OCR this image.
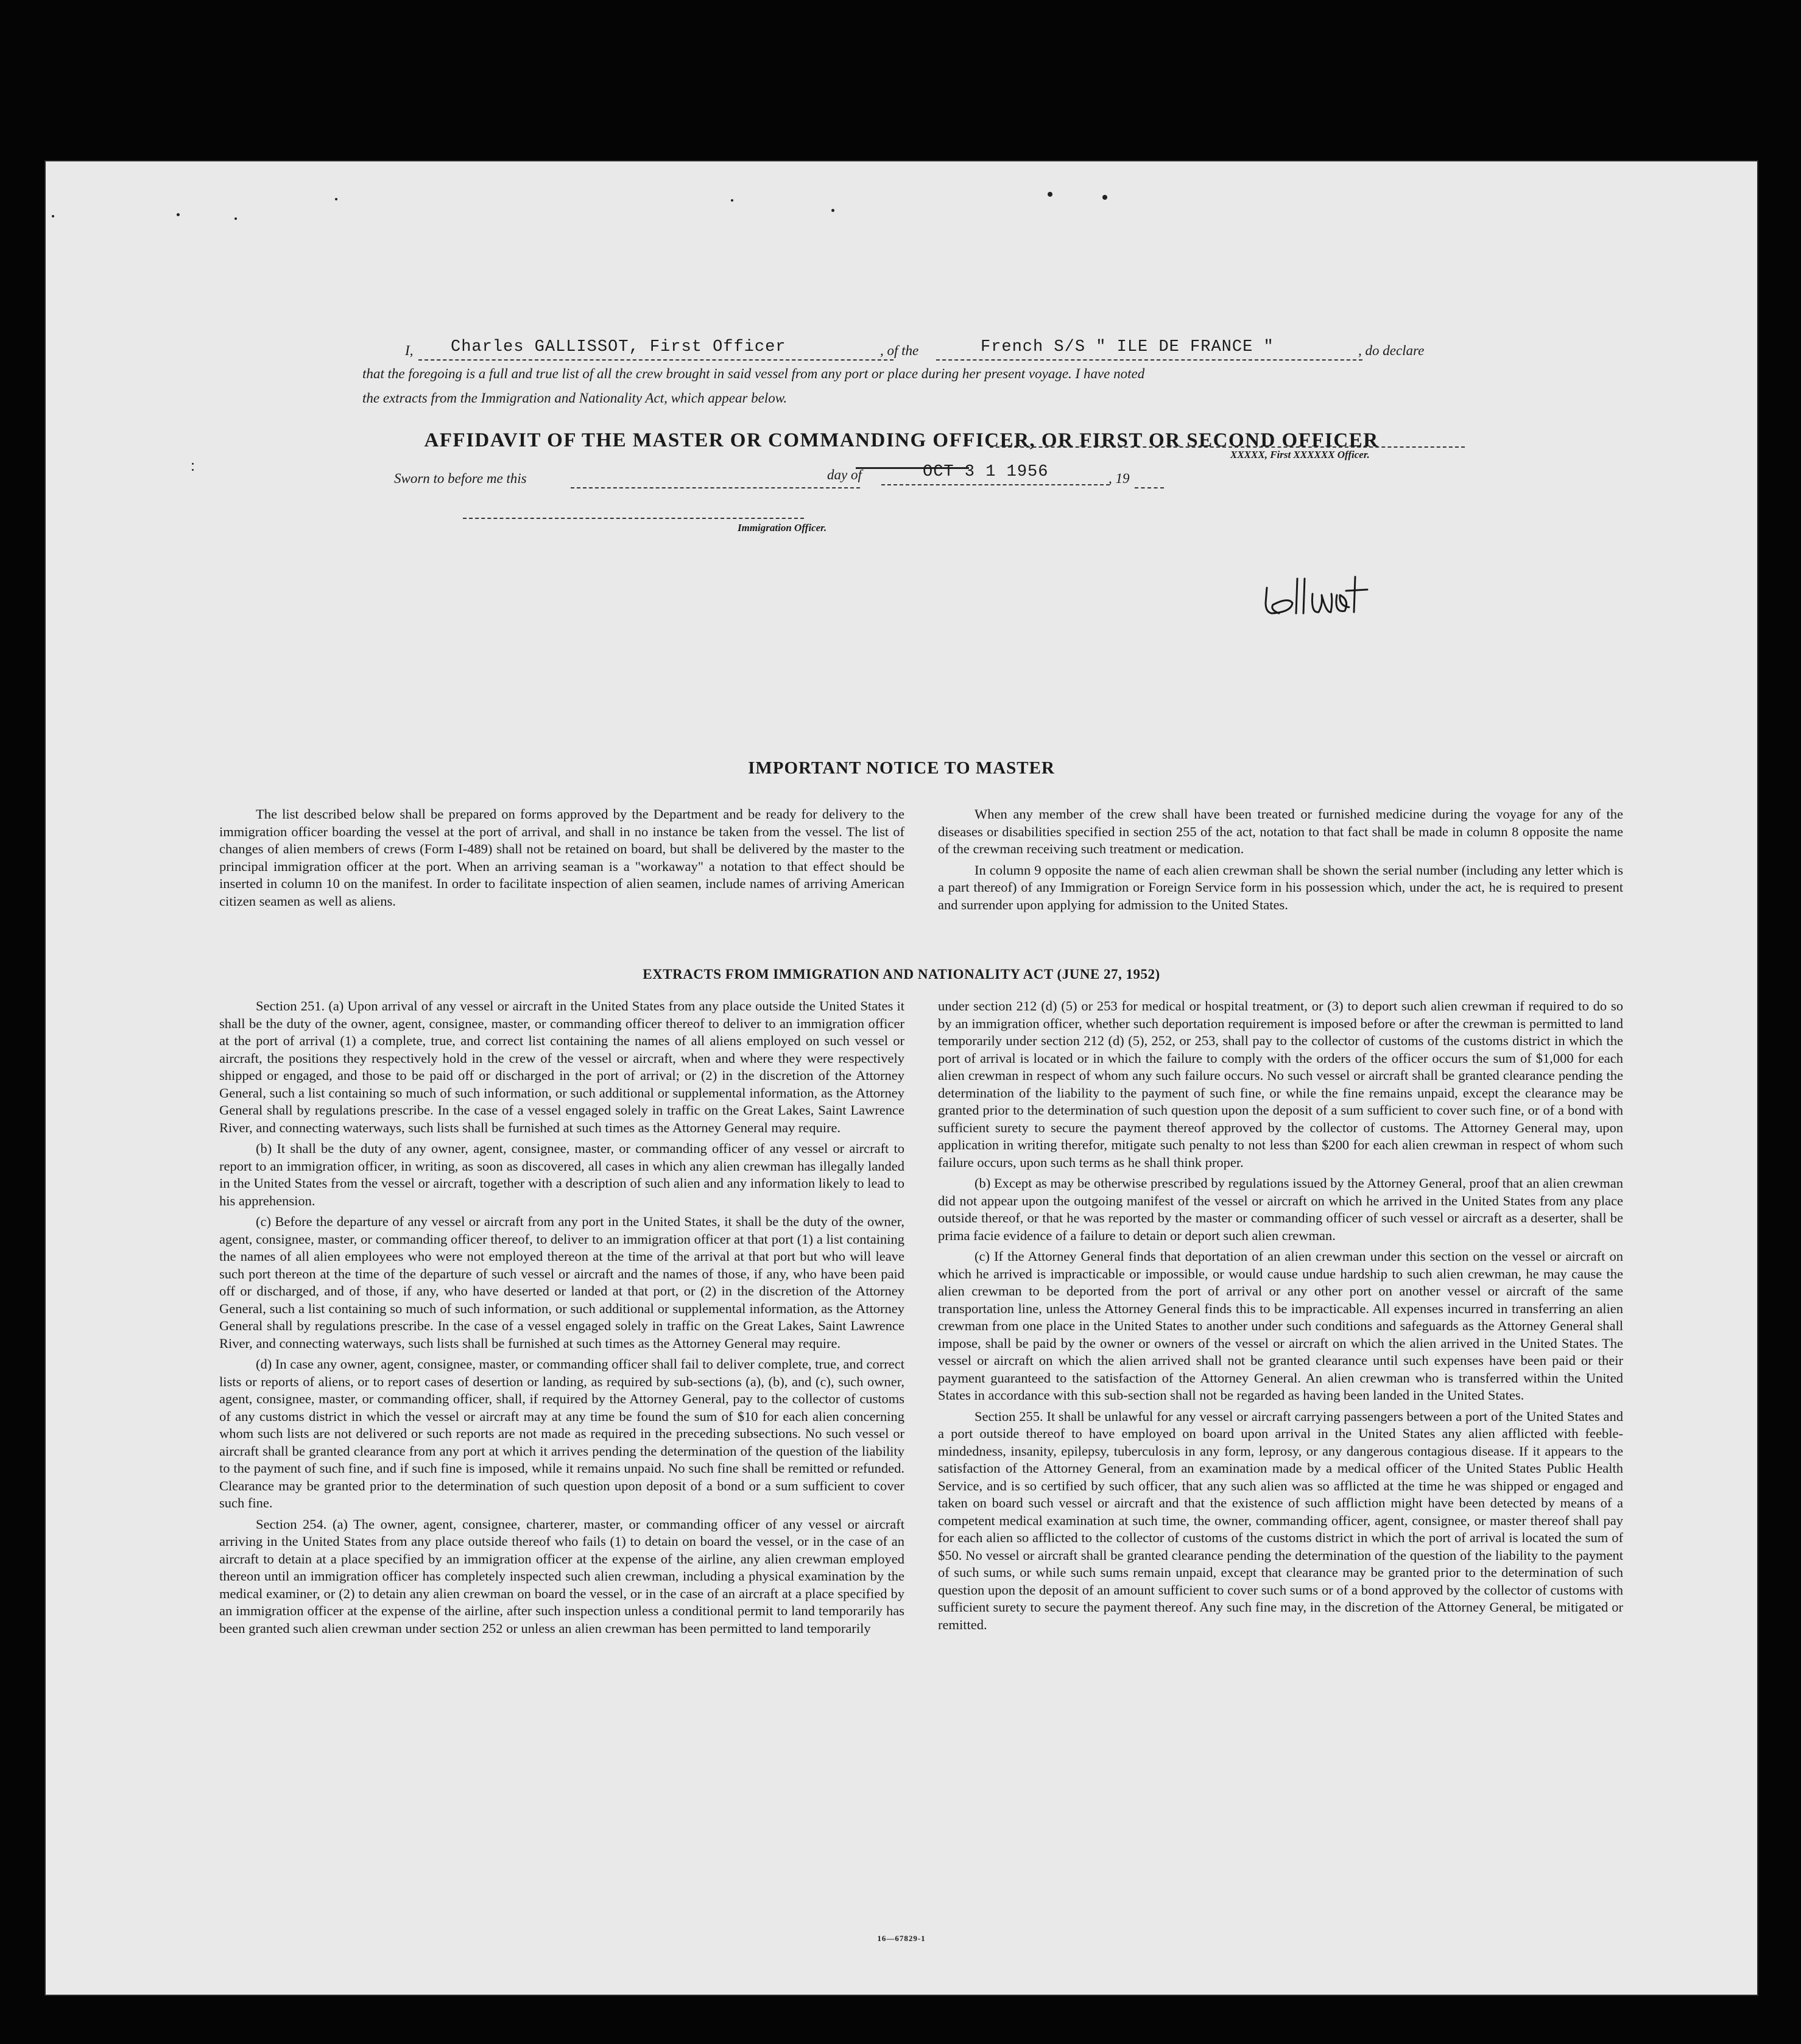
AFFIDAVIT OF THE MASTER OR COMMANDING OFFICER, OR FIRST OR SECOND OFFICER
I, Charles GALLISSOT, First Officer	, of the	French S/S " ILE DE FRANCE "	, do declare
that the foregoing is a full and true list of all the crew brought in said vessel from any port or place during her present voyage. I have noted
the extracts from the Immigration and Nationality Act, which appear below.
XXXXX, First XXXXXX Officer.
Sworn to before me this	day of	OCT 3 1 1956	, 19
Immigration Officer.
IMPORTANT NOTICE TO MASTER

The list described below shall be prepared on forms approved by the Department and be ready for delivery to the immigration officer boarding the vessel at the port of arrival, and shall in no instance be taken from the vessel. The list of changes of alien members of crews (Form I-489) shall not be retained on board, but shall be delivered by the master to the principal immigration officer at the port. When an arriving seaman is a "workaway" a notation to that effect should be inserted in column 10 on the manifest. In order to facilitate inspection of alien seamen, include names of arriving American citizen seamen as well as aliens.

When any member of the crew shall have been treated or furnished medicine during the voyage for any of the diseases or disabilities specified in section 255 of the act, notation to that fact shall be made in column 8 opposite the name of the crewman receiving such treatment or medication.

In column 9 opposite the name of each alien crewman shall be shown the serial number (including any letter which is a part thereof) of any Immigration or Foreign Service form in his possession which, under the act, he is required to present and surrender upon applying for admission to the United States.

EXTRACTS FROM IMMIGRATION AND NATIONALITY ACT (JUNE 27, 1952)

Section 251. (a) Upon arrival of any vessel or aircraft in the United States from any place outside the United States it shall be the duty of the owner, agent, consignee, master, or commanding officer thereof to deliver to an immigration officer at the port of arrival (1) a complete, true, and correct list containing the names of all aliens employed on such vessel or aircraft, the positions they respectively hold in the crew of the vessel or aircraft, when and where they were respectively shipped or engaged, and those to be paid off or discharged in the port of arrival; or (2) in the discretion of the Attorney General, such a list containing so much of such information, or such additional or supplemental information, as the Attorney General shall by regulations prescribe. In the case of a vessel engaged solely in traffic on the Great Lakes, Saint Lawrence River, and connecting waterways, such lists shall be furnished at such times as the Attorney General may require.

(b) It shall be the duty of any owner, agent, consignee, master, or commanding officer of any vessel or aircraft to report to an immigration officer, in writing, as soon as discovered, all cases in which any alien crewman has illegally landed in the United States from the vessel or aircraft, together with a description of such alien and any information likely to lead to his apprehension.

(c) Before the departure of any vessel or aircraft from any port in the United States, it shall be the duty of the owner, agent, consignee, master, or commanding officer thereof, to deliver to an immigration officer at that port (1) a list containing the names of all alien employees who were not employed thereon at the time of the arrival at that port but who will leave such port thereon at the time of the departure of such vessel or aircraft and the names of those, if any, who have been paid off or discharged, and of those, if any, who have deserted or landed at that port, or (2) in the discretion of the Attorney General, such a list containing so much of such information, or such additional or supplemental information, as the Attorney General shall by regulations prescribe. In the case of a vessel engaged solely in traffic on the Great Lakes, Saint Lawrence River, and connecting waterways, such lists shall be furnished at such times as the Attorney General may require.

(d) In case any owner, agent, consignee, master, or commanding officer shall fail to deliver complete, true, and correct lists or reports of aliens, or to report cases of desertion or landing, as required by sub-sections (a), (b), and (c), such owner, agent, consignee, master, or commanding officer, shall, if required by the Attorney General, pay to the collector of customs of any customs district in which the vessel or aircraft may at any time be found the sum of $10 for each alien concerning whom such lists are not delivered or such reports are not made as required in the preceding subsections. No such vessel or aircraft shall be granted clearance from any port at which it arrives pending the determination of the question of the liability to the payment of such fine, and if such fine is imposed, while it remains unpaid. No such fine shall be remitted or refunded. Clearance may be granted prior to the determination of such question upon deposit of a bond or a sum sufficient to cover such fine.

Section 254. (a) The owner, agent, consignee, charterer, master, or commanding officer of any vessel or aircraft arriving in the United States from any place outside thereof who fails (1) to detain on board the vessel, or in the case of an aircraft to detain at a place specified by an immigration officer at the expense of the airline, any alien crewman employed thereon until an immigration officer has completely inspected such alien crewman, including a physical examination by the medical examiner, or (2) to detain any alien crewman on board the vessel, or in the case of an aircraft at a place specified by an immigration officer at the expense of the airline, after such inspection unless a conditional permit to land temporarily has been granted such alien crewman under section 252 or unless an alien crewman has been permitted to land temporarily

under section 212 (d) (5) or 253 for medical or hospital treatment, or (3) to deport such alien crewman if required to do so by an immigration officer, whether such deportation requirement is imposed before or after the crewman is permitted to land temporarily under section 212 (d) (5), 252, or 253, shall pay to the collector of customs of the customs district in which the port of arrival is located or in which the failure to comply with the orders of the officer occurs the sum of $1,000 for each alien crewman in respect of whom any such failure occurs. No such vessel or aircraft shall be granted clearance pending the determination of the liability to the payment of such fine, or while the fine remains unpaid, except the clearance may be granted prior to the determination of such question upon the deposit of a sum sufficient to cover such fine, or of a bond with sufficient surety to secure the payment thereof approved by the collector of customs. The Attorney General may, upon application in writing therefor, mitigate such penalty to not less than $200 for each alien crewman in respect of whom such failure occurs, upon such terms as he shall think proper.

(b) Except as may be otherwise prescribed by regulations issued by the Attorney General, proof that an alien crewman did not appear upon the outgoing manifest of the vessel or aircraft on which he arrived in the United States from any place outside thereof, or that he was reported by the master or commanding officer of such vessel or aircraft as a deserter, shall be prima facie evidence of a failure to detain or deport such alien crewman.

(c) If the Attorney General finds that deportation of an alien crewman under this section on the vessel or aircraft on which he arrived is impracticable or impossible, or would cause undue hardship to such alien crewman, he may cause the alien crewman to be deported from the port of arrival or any other port on another vessel or aircraft of the same transportation line, unless the Attorney General finds this to be impracticable. All expenses incurred in transferring an alien crewman from one place in the United States to another under such conditions and safeguards as the Attorney General shall impose, shall be paid by the owner or owners of the vessel or aircraft on which the alien arrived in the United States. The vessel or aircraft on which the alien arrived shall not be granted clearance until such expenses have been paid or their payment guaranteed to the satisfaction of the Attorney General. An alien crewman who is transferred within the United States in accordance with this sub-section shall not be regarded as having been landed in the United States.

Section 255. It shall be unlawful for any vessel or aircraft carrying passengers between a port of the United States and a port outside thereof to have employed on board upon arrival in the United States any alien afflicted with feeble-mindedness, insanity, epilepsy, tuberculosis in any form, leprosy, or any dangerous contagious disease. If it appears to the satisfaction of the Attorney General, from an examination made by a medical officer of the United States Public Health Service, and is so certified by such officer, that any such alien was so afflicted at the time he was shipped or engaged and taken on board such vessel or aircraft and that the existence of such affliction might have been detected by means of a competent medical examination at such time, the owner, commanding officer, agent, consignee, or master thereof shall pay for each alien so afflicted to the collector of customs of the customs district in which the port of arrival is located the sum of $50. No vessel or aircraft shall be granted clearance pending the determination of the question of the liability to the payment of such sums, or while such sums remain unpaid, except that clearance may be granted prior to the determination of such question upon the deposit of an amount sufficient to cover such sums or of a bond approved by the collector of customs with sufficient surety to secure the payment thereof. Any such fine may, in the discretion of the Attorney General, be mitigated or remitted.

16—67829-1
